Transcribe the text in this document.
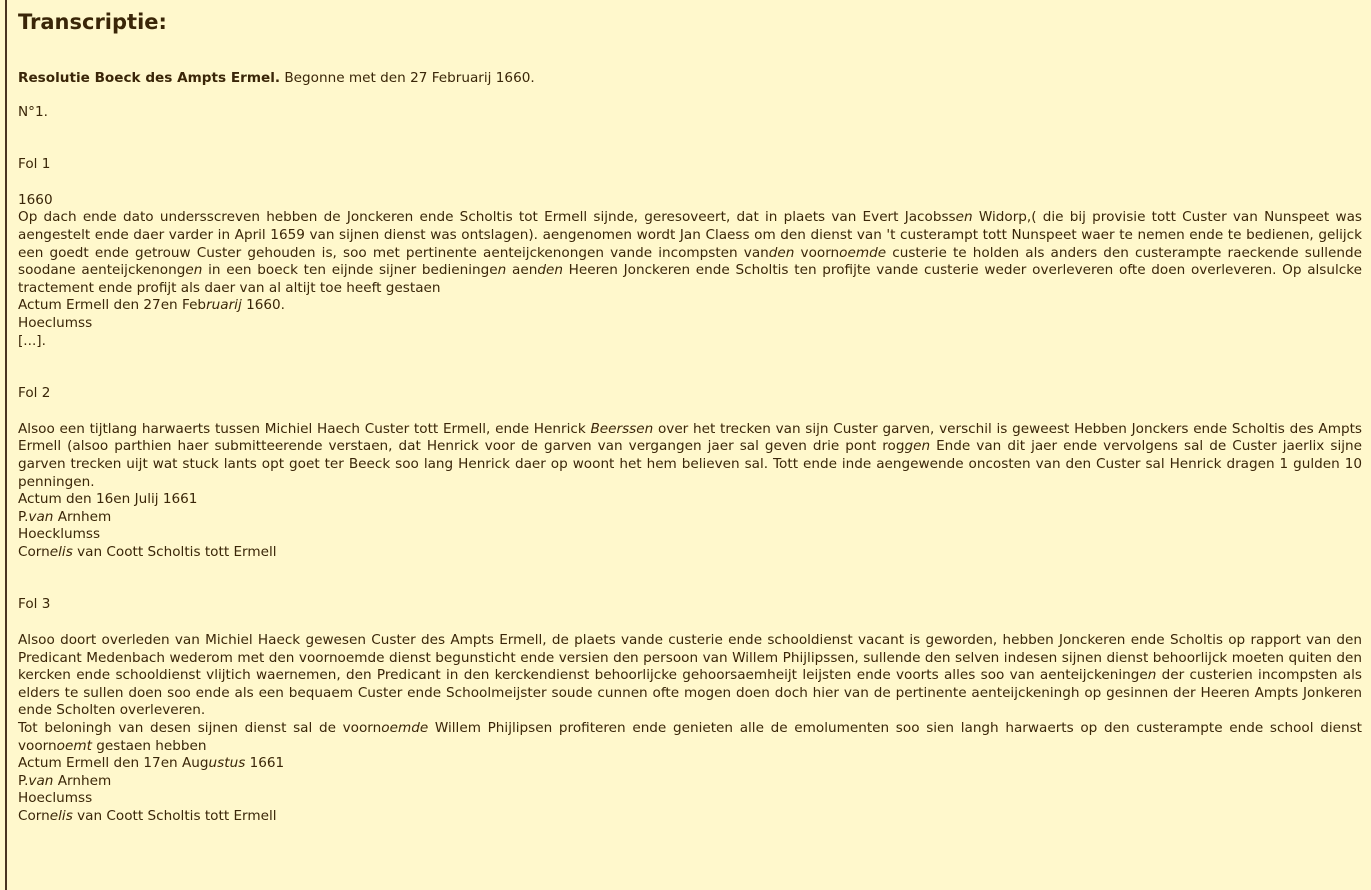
Transcriptie:
Resolutie Boeck des Ampts Ermel. Begonne met den 27 Februarij 1660.
N°1.
Fol 1
1660

Op dach ende dato undersscreven hebben de Jonckeren ende Scholtis tot Ermell sijnde, geresoveert, dat in plaets van Evert Jacobssen Widorp,( die bij provisie tott Custer van Nunspeet was aengestelt ende daer varder in April 1659 van sijnen dienst was ontslagen). aengenomen wordt Jan Claess om den dienst van 't custerampt tott Nunspeet waer te nemen ende te bedienen, gelijck een goedt ende getrouw Custer gehouden is, soo met pertinente aenteijckenongen vande incompsten vanden voornoemde custerie te holden als anders den custerampte raeckende sullende soodane aenteijckenongen in een boeck ten eijnde sijner bedieningen aenden Heeren Jonckeren ende Scholtis ten profijte vande custerie weder overleveren ofte doen overleveren. Op alsulcke tractement ende profijt als daer van al altijt toe heeft gestaen

Actum Ermell den 27en Februarij 1660.
Hoeclumss
[...].
Fol 2

Alsoo een tijtlang harwaerts tussen Michiel Haech Custer tott Ermell, ende Henrick Beerssen over het trecken van sijn Custer garven, verschil is geweest Hebben Jonckers ende Scholtis des Ampts Ermell (alsoo parthien haer submitteerende verstaen, dat Henrick voor de garven van vergangen jaer sal geven drie pont roggen Ende van dit jaer ende vervolgens sal de Custer jaerlix sijne garven trecken uijt wat stuck lants opt goet ter Beeck soo lang Henrick daer op woont het hem believen sal. Tott ende inde aengewende oncosten van den Custer sal Henrick dragen 1 gulden 10 penningen.

Actum den 16en Julij 1661
P.van Arnhem
Hoecklumss
Cornelis van Coott Scholtis tott Ermell
Fol 3

Alsoo doort overleden van Michiel Haeck gewesen Custer des Ampts Ermell, de plaets vande custerie ende schooldienst vacant is geworden, hebben Jonckeren ende Scholtis op rapport van den Predicant Medenbach wederom met den voornoemde dienst begunsticht ende versien den persoon van Willem Phijlipssen, sullende den selven indesen sijnen dienst behoorlijck moeten quiten den kercken ende schooldienst vlijtich waernemen, den Predicant in den kerckendienst behoorlijcke gehoorsaemheijt leijsten ende voorts alles soo van aenteijckeningen der custerien incompsten als elders te sullen doen soo ende als een bequaem Custer ende Schoolmeijster soude cunnen ofte mogen doen doch hier van de pertinente aenteijckeningh op gesinnen der Heeren Ampts Jonkeren ende Scholten overleveren.

Tot beloningh van desen sijnen dienst sal de voornoemde Willem Phijlipsen profiteren ende genieten alle de emolumenten soo sien langh harwaerts op den custerampte ende school dienst voornoemt gestaen hebben

Actum Ermell den 17en Augustus 1661
P.van Arnhem
Hoeclumss
Cornelis van Coott Scholtis tott Ermell
